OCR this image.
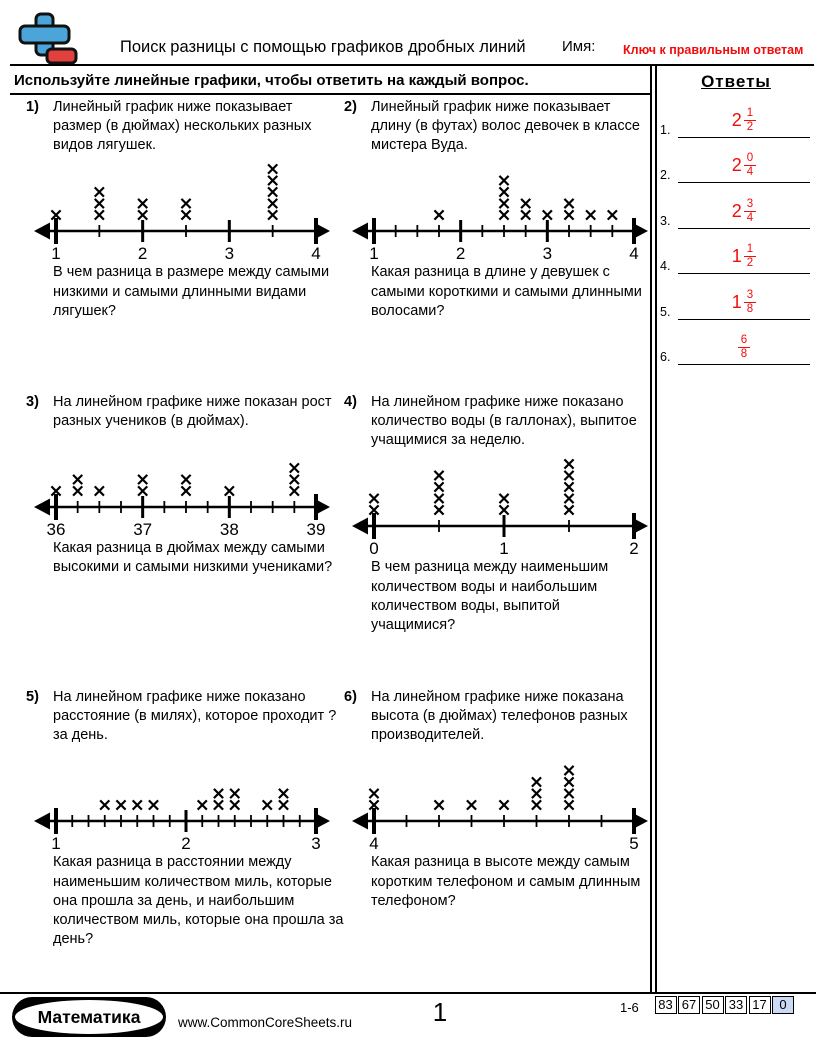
Поиск разницы с помощью графиков дробных линий Имя: Ключ к правильным ответам
Используйте линейные графики, чтобы ответить на каждый вопрос.	Ответы
1.	$2 \frac{1}{2}$
2.	$2 \frac{0}{4}$
3.	$2 \frac{3}{4}$
4.	$1 \frac{1}{2}$
5.	$1 \frac{3}{8}$
6.	$\frac{6}{8}$
1) Линейный график ниже показывает размер (в дюймах) нескольких разных видов лягушек.
1	2	3	4
В чем разница в размере между самыми низкими и самыми длинными видами лягушек?
2) Линейный график ниже показывает длину (в футах) волос девочек в классе мистера Вуда.
1	2	3	4
Какая разница в длине у девушек с самыми короткими и самыми длинными волосами?
3) На линейном графике ниже показан рост разных учеников (в дюймах).
36	37	38	39
Какая разница в дюймах между самыми высокими и самыми низкими учениками?
4) На линейном графике ниже показано количество воды (в галлонах), выпитое учащимися за неделю.
0	1	2
В чем разница между наименьшим количеством воды и наибольшим количеством воды, выпитой учащимися?
5) На линейном графике ниже показано расстояние (в милях), которое проходит ? за день.
1	2	3
Какая разница в расстоянии между наименьшим количеством миль, которые она прошла за день, и наибольшим количеством миль, которые она прошла за день?
6) На линейном графике ниже показана высота (в дюймах) телефонов разных производителей.
4	5
Какая разница в высоте между самым коротким телефоном и самым длинным телефоном?
Математика	www.CommonCoreSheets.ru	1	1-6 83 67 50 33 17 0
